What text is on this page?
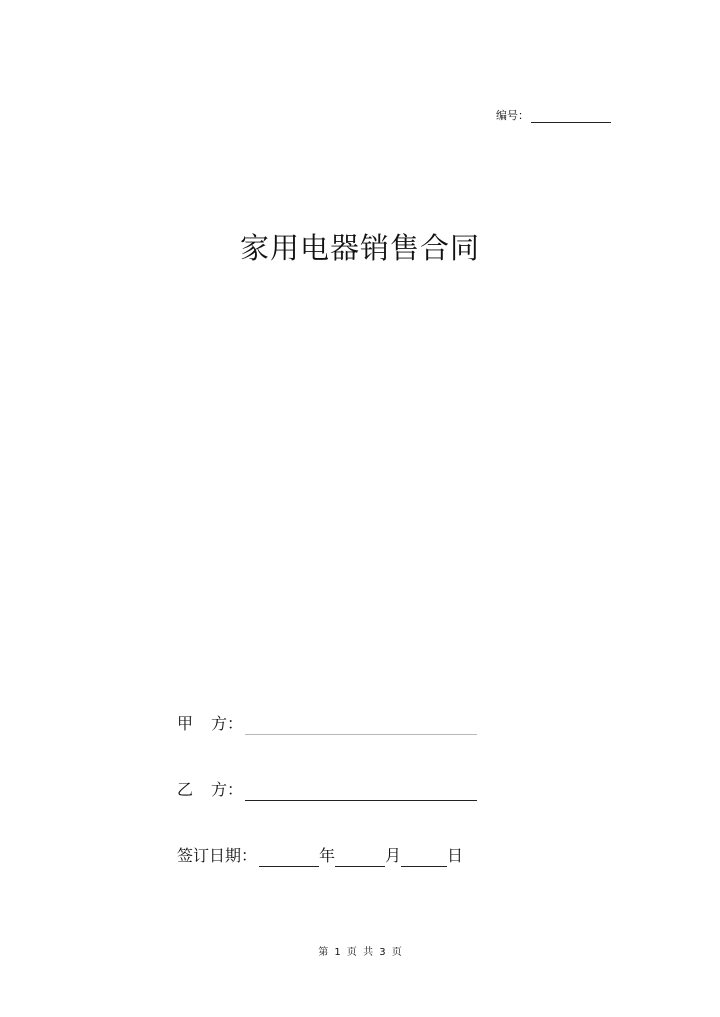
编号：
家用电器销售合同
甲	方：
乙	方：
签订日期：	年	月	日
第 1 页 共 3 页
